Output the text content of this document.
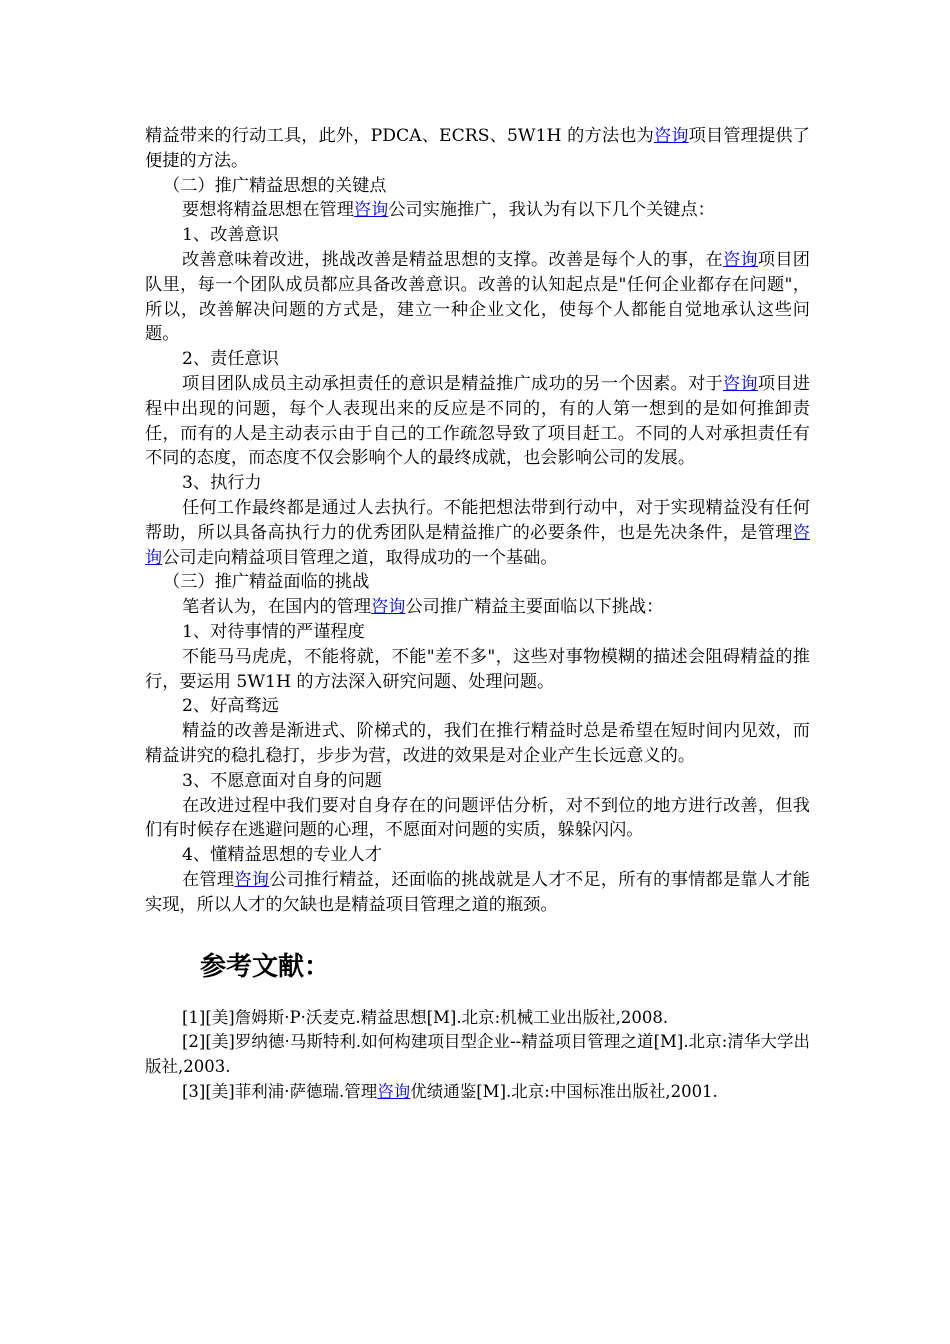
精益带来的行动工具，此外，PDCA、ECRS、5W1H 的方法也为咨询项目管理提供了便捷的方法。

（二）推广精益思想的关键点

要想将精益思想在管理咨询公司实施推广，我认为有以下几个关键点：

1、改善意识

改善意味着改进，挑战改善是精益思想的支撑。改善是每个人的事，在咨询项目团队里，每一个团队成员都应具备改善意识。改善的认知起点是"任何企业都存在问题"，所以，改善解决问题的方式是，建立一种企业文化，使每个人都能自觉地承认这些问题。

2、责任意识

项目团队成员主动承担责任的意识是精益推广成功的另一个因素。对于咨询项目进程中出现的问题，每个人表现出来的反应是不同的，有的人第一想到的是如何推卸责任，而有的人是主动表示由于自己的工作疏忽导致了项目赶工。不同的人对承担责任有不同的态度，而态度不仅会影响个人的最终成就，也会影响公司的发展。

3、执行力

任何工作最终都是通过人去执行。不能把想法带到行动中，对于实现精益没有任何帮助，所以具备高执行力的优秀团队是精益推广的必要条件，也是先决条件，是管理咨询公司走向精益项目管理之道，取得成功的一个基础。

（三）推广精益面临的挑战

笔者认为，在国内的管理咨询公司推广精益主要面临以下挑战：

1、对待事情的严谨程度

不能马马虎虎，不能将就，不能"差不多"，这些对事物模糊的描述会阻碍精益的推行，要运用 5W1H 的方法深入研究问题、处理问题。

2、好高骛远

精益的改善是渐进式、阶梯式的，我们在推行精益时总是希望在短时间内见效，而精益讲究的稳扎稳打，步步为营，改进的效果是对企业产生长远意义的。

3、不愿意面对自身的问题

在改进过程中我们要对自身存在的问题评估分析，对不到位的地方进行改善，但我们有时候存在逃避问题的心理，不愿面对问题的实质，躲躲闪闪。

4、懂精益思想的专业人才

在管理咨询公司推行精益，还面临的挑战就是人才不足，所有的事情都是靠人才能实现，所以人才的欠缺也是精益项目管理之道的瓶颈。

参考文献：

[1][美]詹姆斯·P·沃麦克.精益思想[M].北京:机械工业出版社,2008.

[2][美]罗纳德·马斯特利.如何构建项目型企业--精益项目管理之道[M].北京:清华大学出版社,2003.

[3][美]菲利浦·萨德瑞.管理咨询优绩通鉴[M].北京:中国标准出版社,2001.
